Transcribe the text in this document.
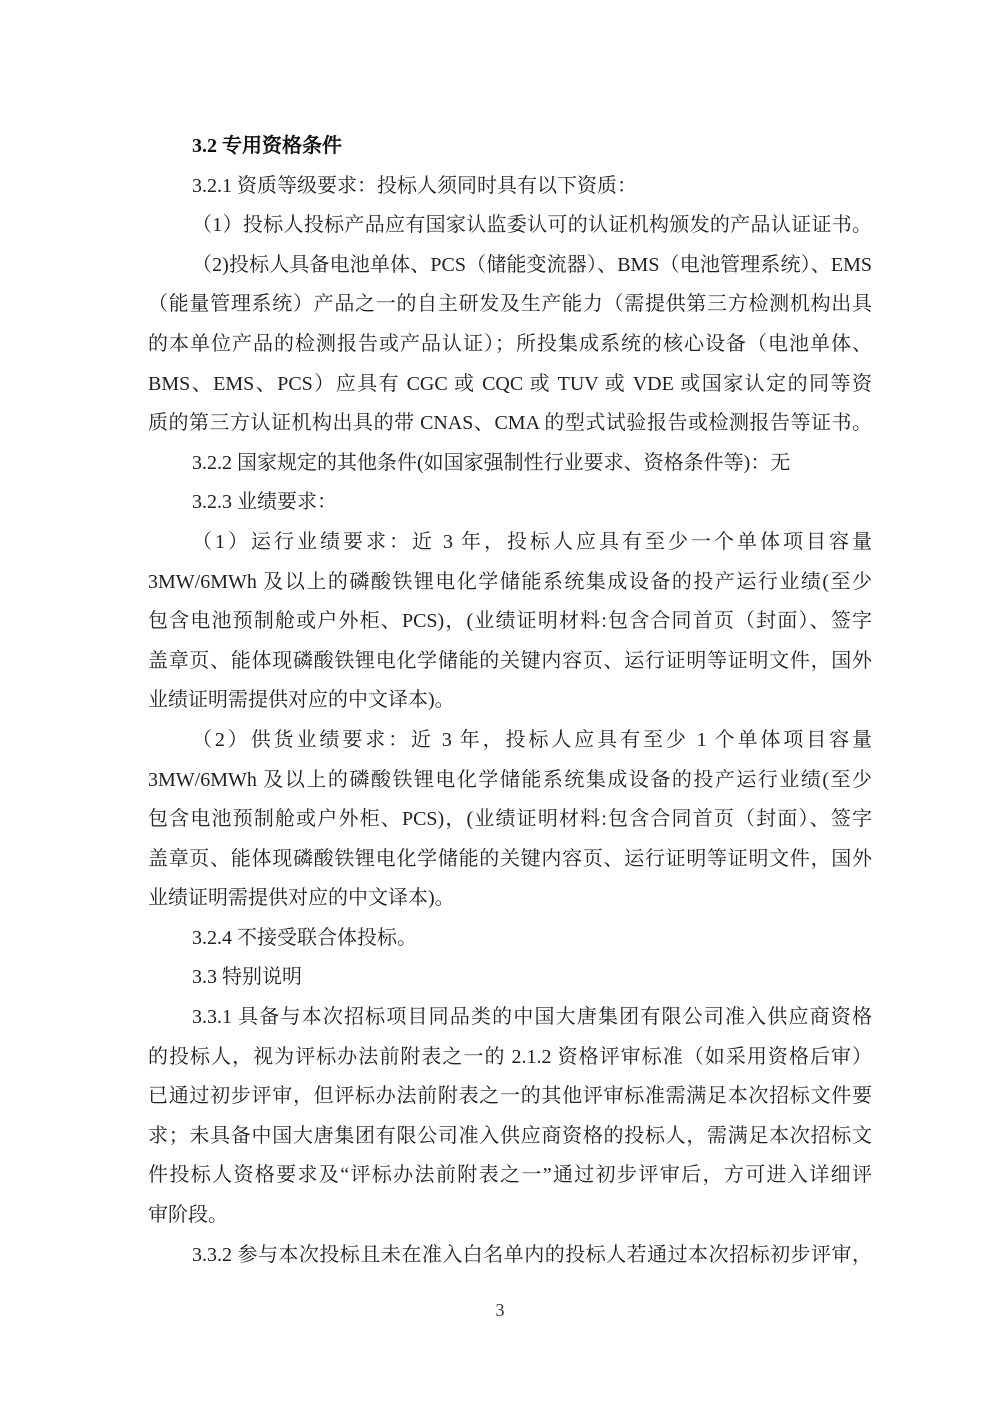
3.2 专用资格条件
3.2.1 资质等级要求：投标人须同时具有以下资质：
（1）投标人投标产品应有国家认监委认可的认证机构颁发的产品认证证书。
（2)投标人具备电池单体、PCS（储能变流器）、BMS（电池管理系统）、EMS
（能量管理系统）产品之一的自主研发及生产能力（需提供第三方检测机构出具
的本单位产品的检测报告或产品认证）；所投集成系统的核心设备（电池单体、
BMS、EMS、PCS）应具有 CGC 或 CQC 或 TUV 或 VDE 或国家认定的同等资
质的第三方认证机构出具的带 CNAS、CMA 的型式试验报告或检测报告等证书。
3.2.2 国家规定的其他条件(如国家强制性行业要求、资格条件等)：无
3.2.3 业绩要求：
（1）运行业绩要求：近 3 年，投标人应具有至少一个单体项目容量
3MW/6MWh 及以上的磷酸铁锂电化学储能系统集成设备的投产运行业绩(至少
包含电池预制舱或户外柜、PCS)，(业绩证明材料:包含合同首页（封面）、签字
盖章页、能体现磷酸铁锂电化学储能的关键内容页、运行证明等证明文件，国外
业绩证明需提供对应的中文译本)。
（2）供货业绩要求：近 3 年，投标人应具有至少 1 个单体项目容量
3MW/6MWh 及以上的磷酸铁锂电化学储能系统集成设备的投产运行业绩(至少
包含电池预制舱或户外柜、PCS)，(业绩证明材料:包含合同首页（封面）、签字
盖章页、能体现磷酸铁锂电化学储能的关键内容页、运行证明等证明文件，国外
业绩证明需提供对应的中文译本)。
3.2.4 不接受联合体投标。
3.3 特别说明
3.3.1 具备与本次招标项目同品类的中国大唐集团有限公司准入供应商资格
的投标人，视为评标办法前附表之一的 2.1.2 资格评审标准（如采用资格后审）
已通过初步评审，但评标办法前附表之一的其他评审标准需满足本次招标文件要
求；未具备中国大唐集团有限公司准入供应商资格的投标人，需满足本次招标文
件投标人资格要求及“评标办法前附表之一”通过初步评审后，方可进入详细评
审阶段。
3.3.2 参与本次投标且未在准入白名单内的投标人若通过本次招标初步评审，
3
